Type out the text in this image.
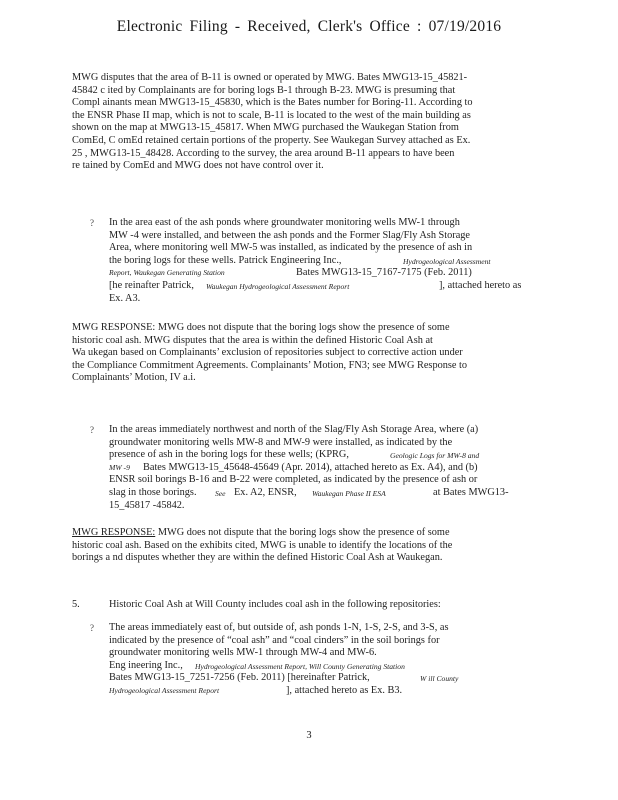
Electronic Filing - Received, Clerk's Office : 07/19/2016
MWG disputes that the area of B-11 is owned or operated by MWG. Bates MWG13-15_45821-
45842 c ited by Complainants are for boring logs B-1 through B-23. MWG is presuming that
Compl ainants mean MWG13-15_45830, which is the Bates number for Boring-11. According to
the ENSR Phase II map, which is not to scale, B-11 is located to the west of the main building as
shown on the map at MWG13-15_45817. When MWG purchased the Waukegan Station from
ComEd, C omEd retained certain portions of the property. See Waukegan Survey attached as Ex.
25 , MWG13-15_48428. According to the survey, the area around B-11 appears to have been
re tained by ComEd and MWG does not have control over it.
? In the area east of the ash ponds where groundwater monitoring wells MW-1 through
MW -4 were installed, and between the ash ponds and the Former Slag/Fly Ash Storage
Area, where monitoring well MW-5 was installed, as indicated by the presence of ash in
the boring logs for these wells. Patrick Engineering Inc.,	Hydrogeological Assessment
Report, Waukegan Generating Station	Bates MWG13-15_7167-7175 (Feb. 2011)
[he reinafter Patrick, Waukegan Hydrogeological Assessment Report	], attached hereto as
Ex. A3.
MWG RESPONSE: MWG does not dispute that the boring logs show the presence of some
historic coal ash. MWG disputes that the area is within the defined Historic Coal Ash at
Wa ukegan based on Complainants’ exclusion of repositories subject to corrective action under
the Compliance Commitment Agreements. Complainants’ Motion, FN3; see MWG Response to
Complainants’ Motion, IV a.i.
? In the areas immediately northwest and north of the Slag/Fly Ash Storage Area, where (a)
groundwater monitoring wells MW-8 and MW-9 were installed, as indicated by the
presence of ash in the boring logs for these wells; (KPRG,	Geologic Logs for MW-8 and
MW -9 Bates MWG13-15_45648-45649 (Apr. 2014), attached hereto as Ex. A4), and (b)
ENSR soil borings B-16 and B-22 were completed, as indicated by the presence of ash or
slag in those borings. See Ex. A2, ENSR, Waukegan Phase II ESA	at Bates MWG13-
15_45817 -45842.
MWG RESPONSE: MWG does not dispute that the boring logs show the presence of some
historic coal ash. Based on the exhibits cited, MWG is unable to identify the locations of the
borings a nd disputes whether they are within the defined Historic Coal Ash at Waukegan.
5.	Historic Coal Ash at Will County includes coal ash in the following repositories:
? The areas immediately east of, but outside of, ash ponds 1-N, 1-S, 2-S, and 3-S, as
indicated by the presence of “coal ash” and “coal cinders” in the soil borings for
groundwater monitoring wells MW-1 through MW-4 and MW-6.
Eng ineering Inc., Hydrogeological Assessment Report, Will County Generating Station
Bates MWG13-15_7251-7256 (Feb. 2011) [hereinafter Patrick,	W ill County
Hydrogeological Assessment Report	], attached hereto as Ex. B3.
3
